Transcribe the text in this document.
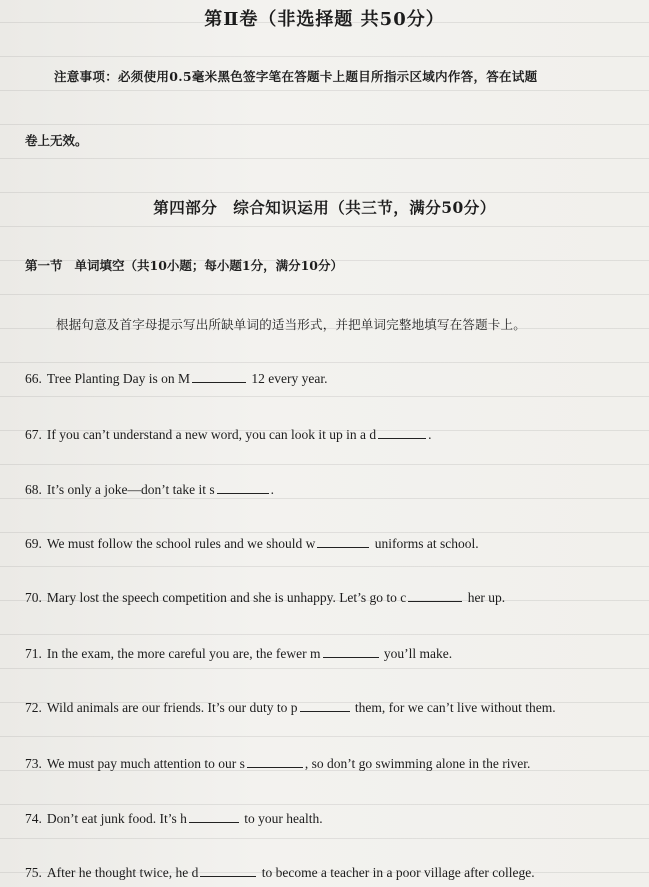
第Ⅱ卷（非选择题 共50分）
注意事项：必须使用0.5毫米黑色签字笔在答题卡上题目所指示区域内作答，答在试题
卷上无效。
第四部分　综合知识运用（共三节，满分50分）
第一节 单词填空（共10小题；每小题1分，满分10分）
根据句意及首字母提示写出所缺单词的适当形式，并把单词完整地填写在答题卡上。
66. Tree Planting Day is on M	12 every year.
67. If you can’t understand a new word, you can look it up in a d	.
68. It’s only a joke—don’t take it s	.
69. We must follow the school rules and we should w	uniforms at school.
70. Mary lost the speech competition and she is unhappy. Let’s go to c	her up.
71. In the exam, the more careful you are, the fewer m	you’ll make.
72. Wild animals are our friends. It’s our duty to p	them, for we can’t live without them.
73. We must pay much attention to our s	, so don’t go swimming alone in the river.
74. Don’t eat junk food. It’s h	to your health.
75. After he thought twice, he d	to become a teacher in a poor village after college.
